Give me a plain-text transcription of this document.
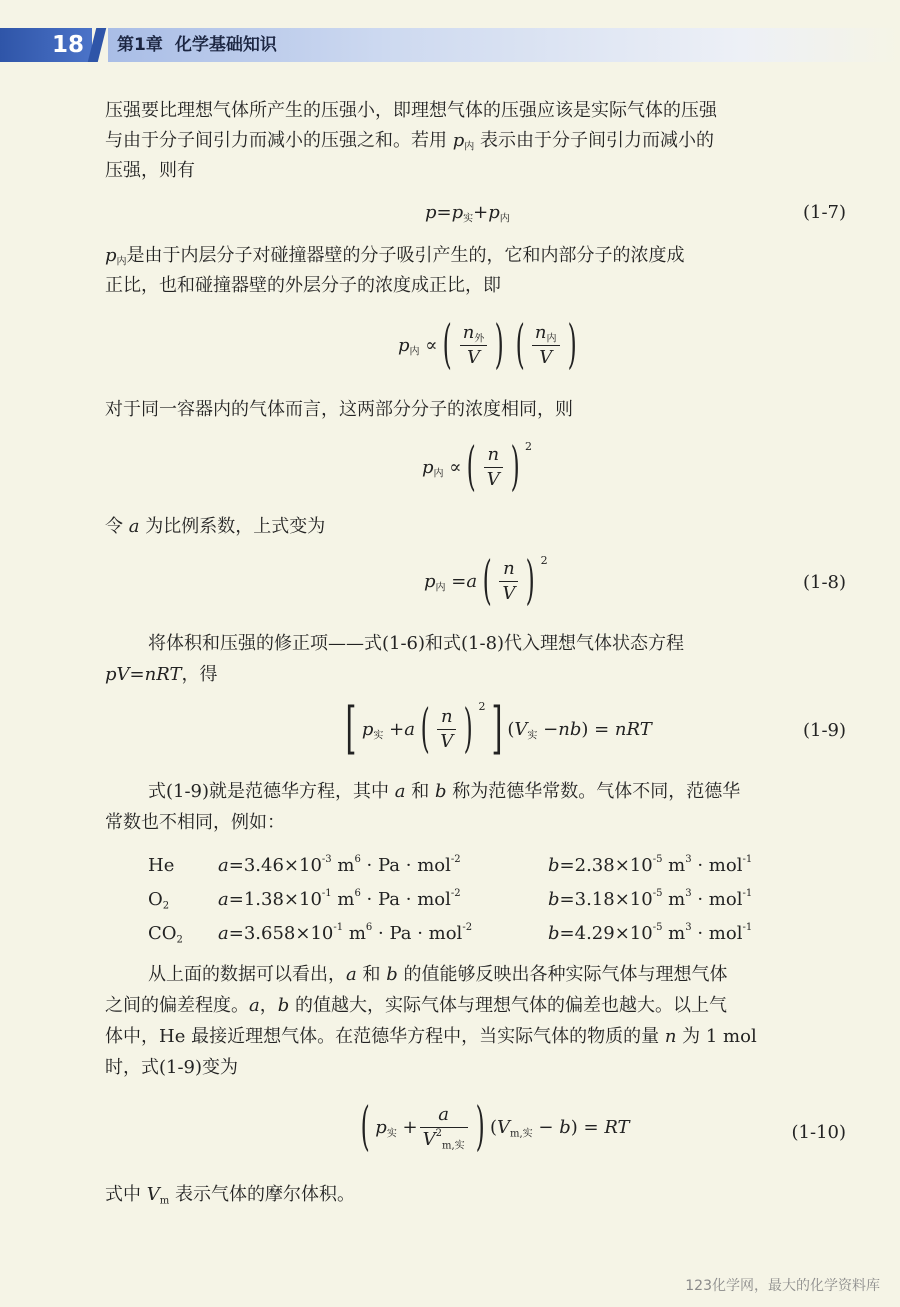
18	第1章 化学基础知识

压强要比理想气体所产生的压强小，即理想气体的压强应该是实际气体的压强

与由于分子间引力而减小的压强之和。若用 $p_内$ 表示由于分子间引力而减小的

压强，则有

$p=p_实+p_内$	(1-7)

$p_内$是由于内层分子对碰撞器壁的分子吸引产生的，它和内部分子的浓度成

正比，也和碰撞器壁的外层分子的浓度成正比，即

$p_内$ ∝ ( $\frac{n_外}{V}$ ) ( $\frac{n_内}{V}$ )

对于同一容器内的气体而言，这两部分分子的浓度相同，则

$p_内$ ∝ ( $\frac{n}{V}$ ) 2

令 a 为比例系数，上式变为

$p_内 =a$ ( $\frac{n}{V}$ ) 2
(1-8)

将体积和压强的修正项——式(1-6)和式(1-8)代入理想气体状态方程

pV=nRT，得

[ $p_实 +a$ ( $\frac{n}{V}$ ) 2] $(V_实 -nb)$ = nRT	(1-9)

式(1-9)就是范德华方程，其中 a 和 b 称为范德华常数。气体不同，范德华

常数也不相同，例如：

He	$a=3.46\times 10^{-3}$ $m^6 \cdot Pa \cdot mol^{-2}$	$b=2.38\times 10^{-5}$ $m^3 \cdot mol^{-1}$
$O_2$	$a=1.38\times 10^{-1}$ $m^6 \cdot Pa \cdot mol^{-2}$	$b=3.18\times 10^{-5}$ $m^3 \cdot mol^{-1}$
$CO_2$	$a=3.658\times 10^{-1}$ $m^6 \cdot Pa \cdot mol^{-2}$	$b=4.29\times 10^{-5}$ $m^3 \cdot mol^{-1}$

从上面的数据可以看出，a 和 b 的值能够反映出各种实际气体与理想气体

之间的偏差程度。a，b 的值越大，实际气体与理想气体的偏差也越大。以上气

体中，He 最接近理想气体。在范德华方程中，当实际气体的物质的量 n 为 1 mol

时，式(1-9)变为

( $p_实 + \frac{a}{V^2_{m,实}}$ ) $(V_{m,实} - b)$ = RT	(1-10)

式中 $V_m$ 表示气体的摩尔体积。

123化学网，最大的化学资料库
